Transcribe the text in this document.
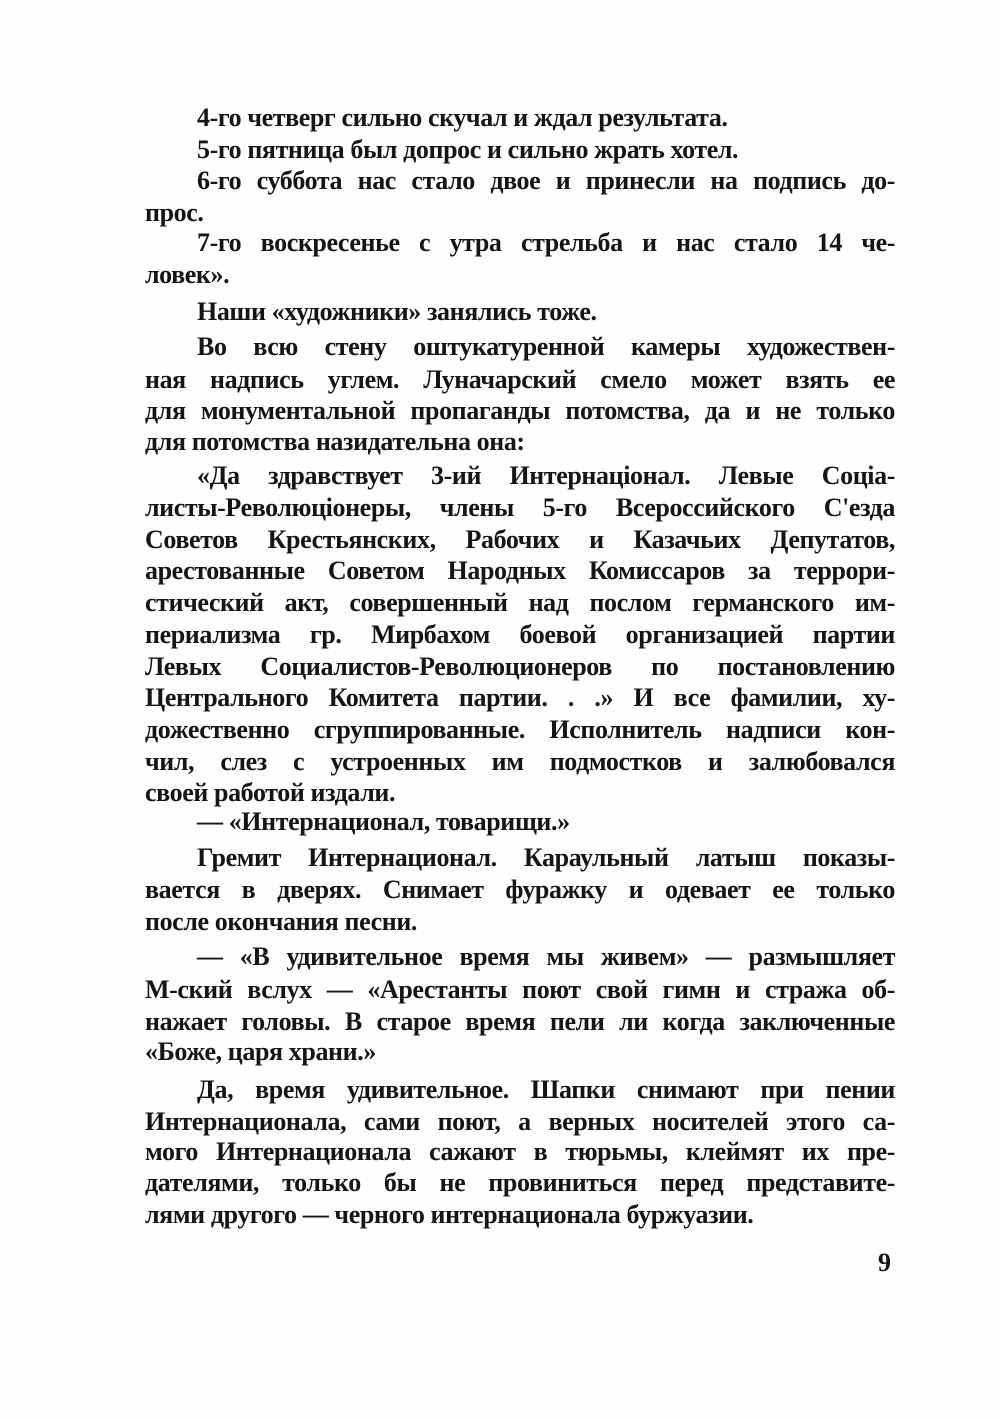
4-го четверг сильно скучал и ждал результата.
5-го пятница был допрос и сильно жрать хотел.
6-го суббота нас стало двое и принесли на подпись до-
прос.
7-го воскресенье с утра стрельба и нас стало 14 че-
ловек».
Наши «художники» занялись тоже.
Во всю стену оштукатуренной камеры художествен-
ная надпись углем. Луначарский смело может взять ее
для монументальной пропаганды потомства, да и не только
для потомства назидательна она:
«Да здравствует 3-ий Интернацiонал. Левые Соцiа-
листы-Революцiонеры, члены 5-го Всероссийского С'езда
Советов Крестьянских, Рабочих и Казачьих Депутатов,
арестованные Советом Народных Комиссаров за террори-
стический акт, совершенный над послом германского им-
периализма гр. Мирбахом боевой организацией партии
Левых Социалистов-Революционеров по постановлению
Центрального Комитета партии. . .» И все фамилии, ху-
дожественно сгруппированные. Исполнитель надписи кон-
чил, слез с устроенных им подмостков и залюбовался
своей работой издали.
— «Интернационал, товарищи.»
Гремит Интернационал. Караульный латыш показы-
вается в дверях. Снимает фуражку и одевает ее только
после окончания песни.
— «В удивительное время мы живем» — размышляет
М-ский вслух — «Арестанты поют свой гимн и стража об-
нажает головы. В старое время пели ли когда заключенные
«Боже, царя храни.»
Да, время удивительное. Шапки снимают при пении
Интернационала, сами поют, а верных носителей этого са-
мого Интернационала сажают в тюрьмы, клеймят их пре-
дателями, только бы не провиниться перед представите-
лями другого — черного интернационала буржуазии.
9
